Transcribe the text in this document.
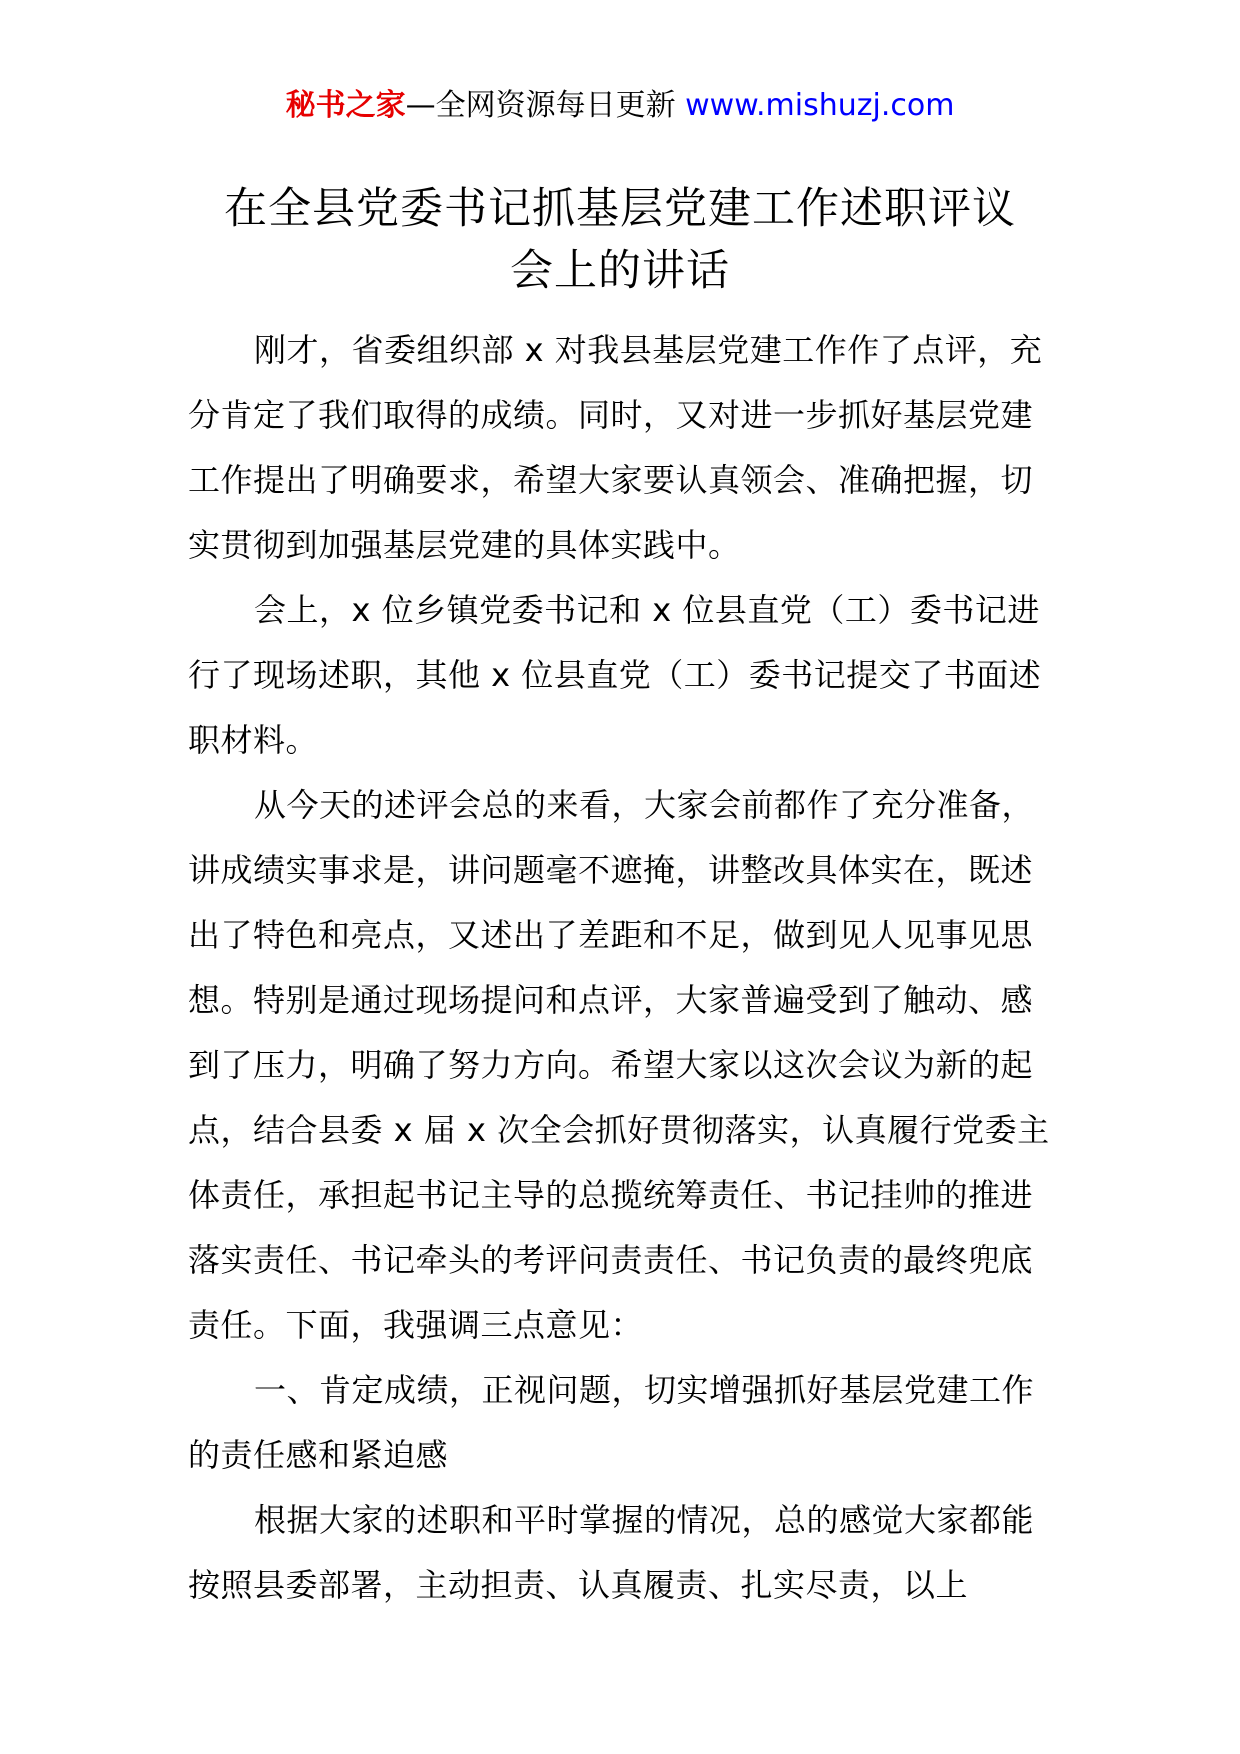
秘书之家—全网资源每日更新 www.mishuzj.com
在全县党委书记抓基层党建工作述职评议
会上的讲话

刚才，省委组织部 x 对我县基层党建工作作了点评，充分肯定了我们取得的成绩。同时，又对进一步抓好基层党建工作提出了明确要求，希望大家要认真领会、准确把握，切实贯彻到加强基层党建的具体实践中。

会上，x 位乡镇党委书记和 x 位县直党（工）委书记进行了现场述职，其他 x 位县直党（工）委书记提交了书面述职材料。

从今天的述评会总的来看，大家会前都作了充分准备，讲成绩实事求是，讲问题毫不遮掩，讲整改具体实在，既述出了特色和亮点，又述出了差距和不足，做到见人见事见思想。特别是通过现场提问和点评，大家普遍受到了触动、感到了压力，明确了努力方向。希望大家以这次会议为新的起点，结合县委 x 届 x 次全会抓好贯彻落实，认真履行党委主体责任，承担起书记主导的总揽统筹责任、书记挂帅的推进落实责任、书记牵头的考评问责责任、书记负责的最终兜底责任。下面，我强调三点意见：

一、肯定成绩，正视问题，切实增强抓好基层党建工作的责任感和紧迫感

根据大家的述职和平时掌握的情况，总的感觉大家都能按照县委部署，主动担责、认真履责、扎实尽责，以上
